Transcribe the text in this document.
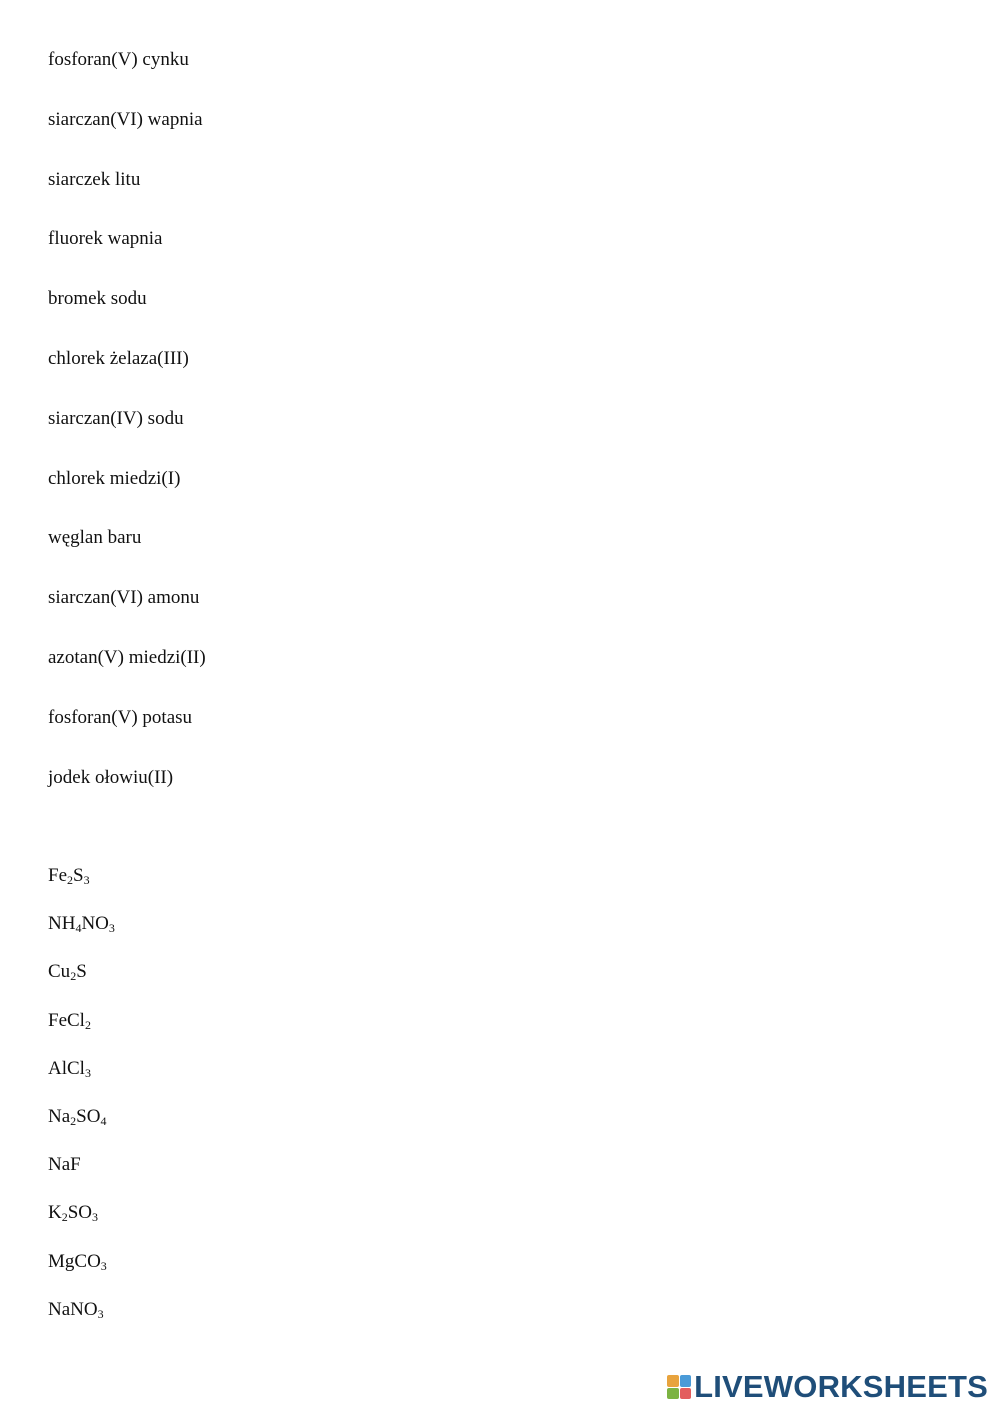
fosforan(V) cynku
siarczan(VI) wapnia
siarczek litu
fluorek wapnia
bromek sodu
chlorek żelaza(III)
siarczan(IV) sodu
chlorek miedzi(I)
węglan baru
siarczan(VI) amonu
azotan(V) miedzi(II)
fosforan(V) potasu
jodek ołowiu(II)
$Fe_2S_3$
$NH_4NO_3$
$Cu_2S$
FeCl$_2$
AlCl$_3$
$Na_2SO_4$
NaF
$K_2SO_3$
MgCO$_3$
NaNO$_3$
LIVEWORKSHEETS
